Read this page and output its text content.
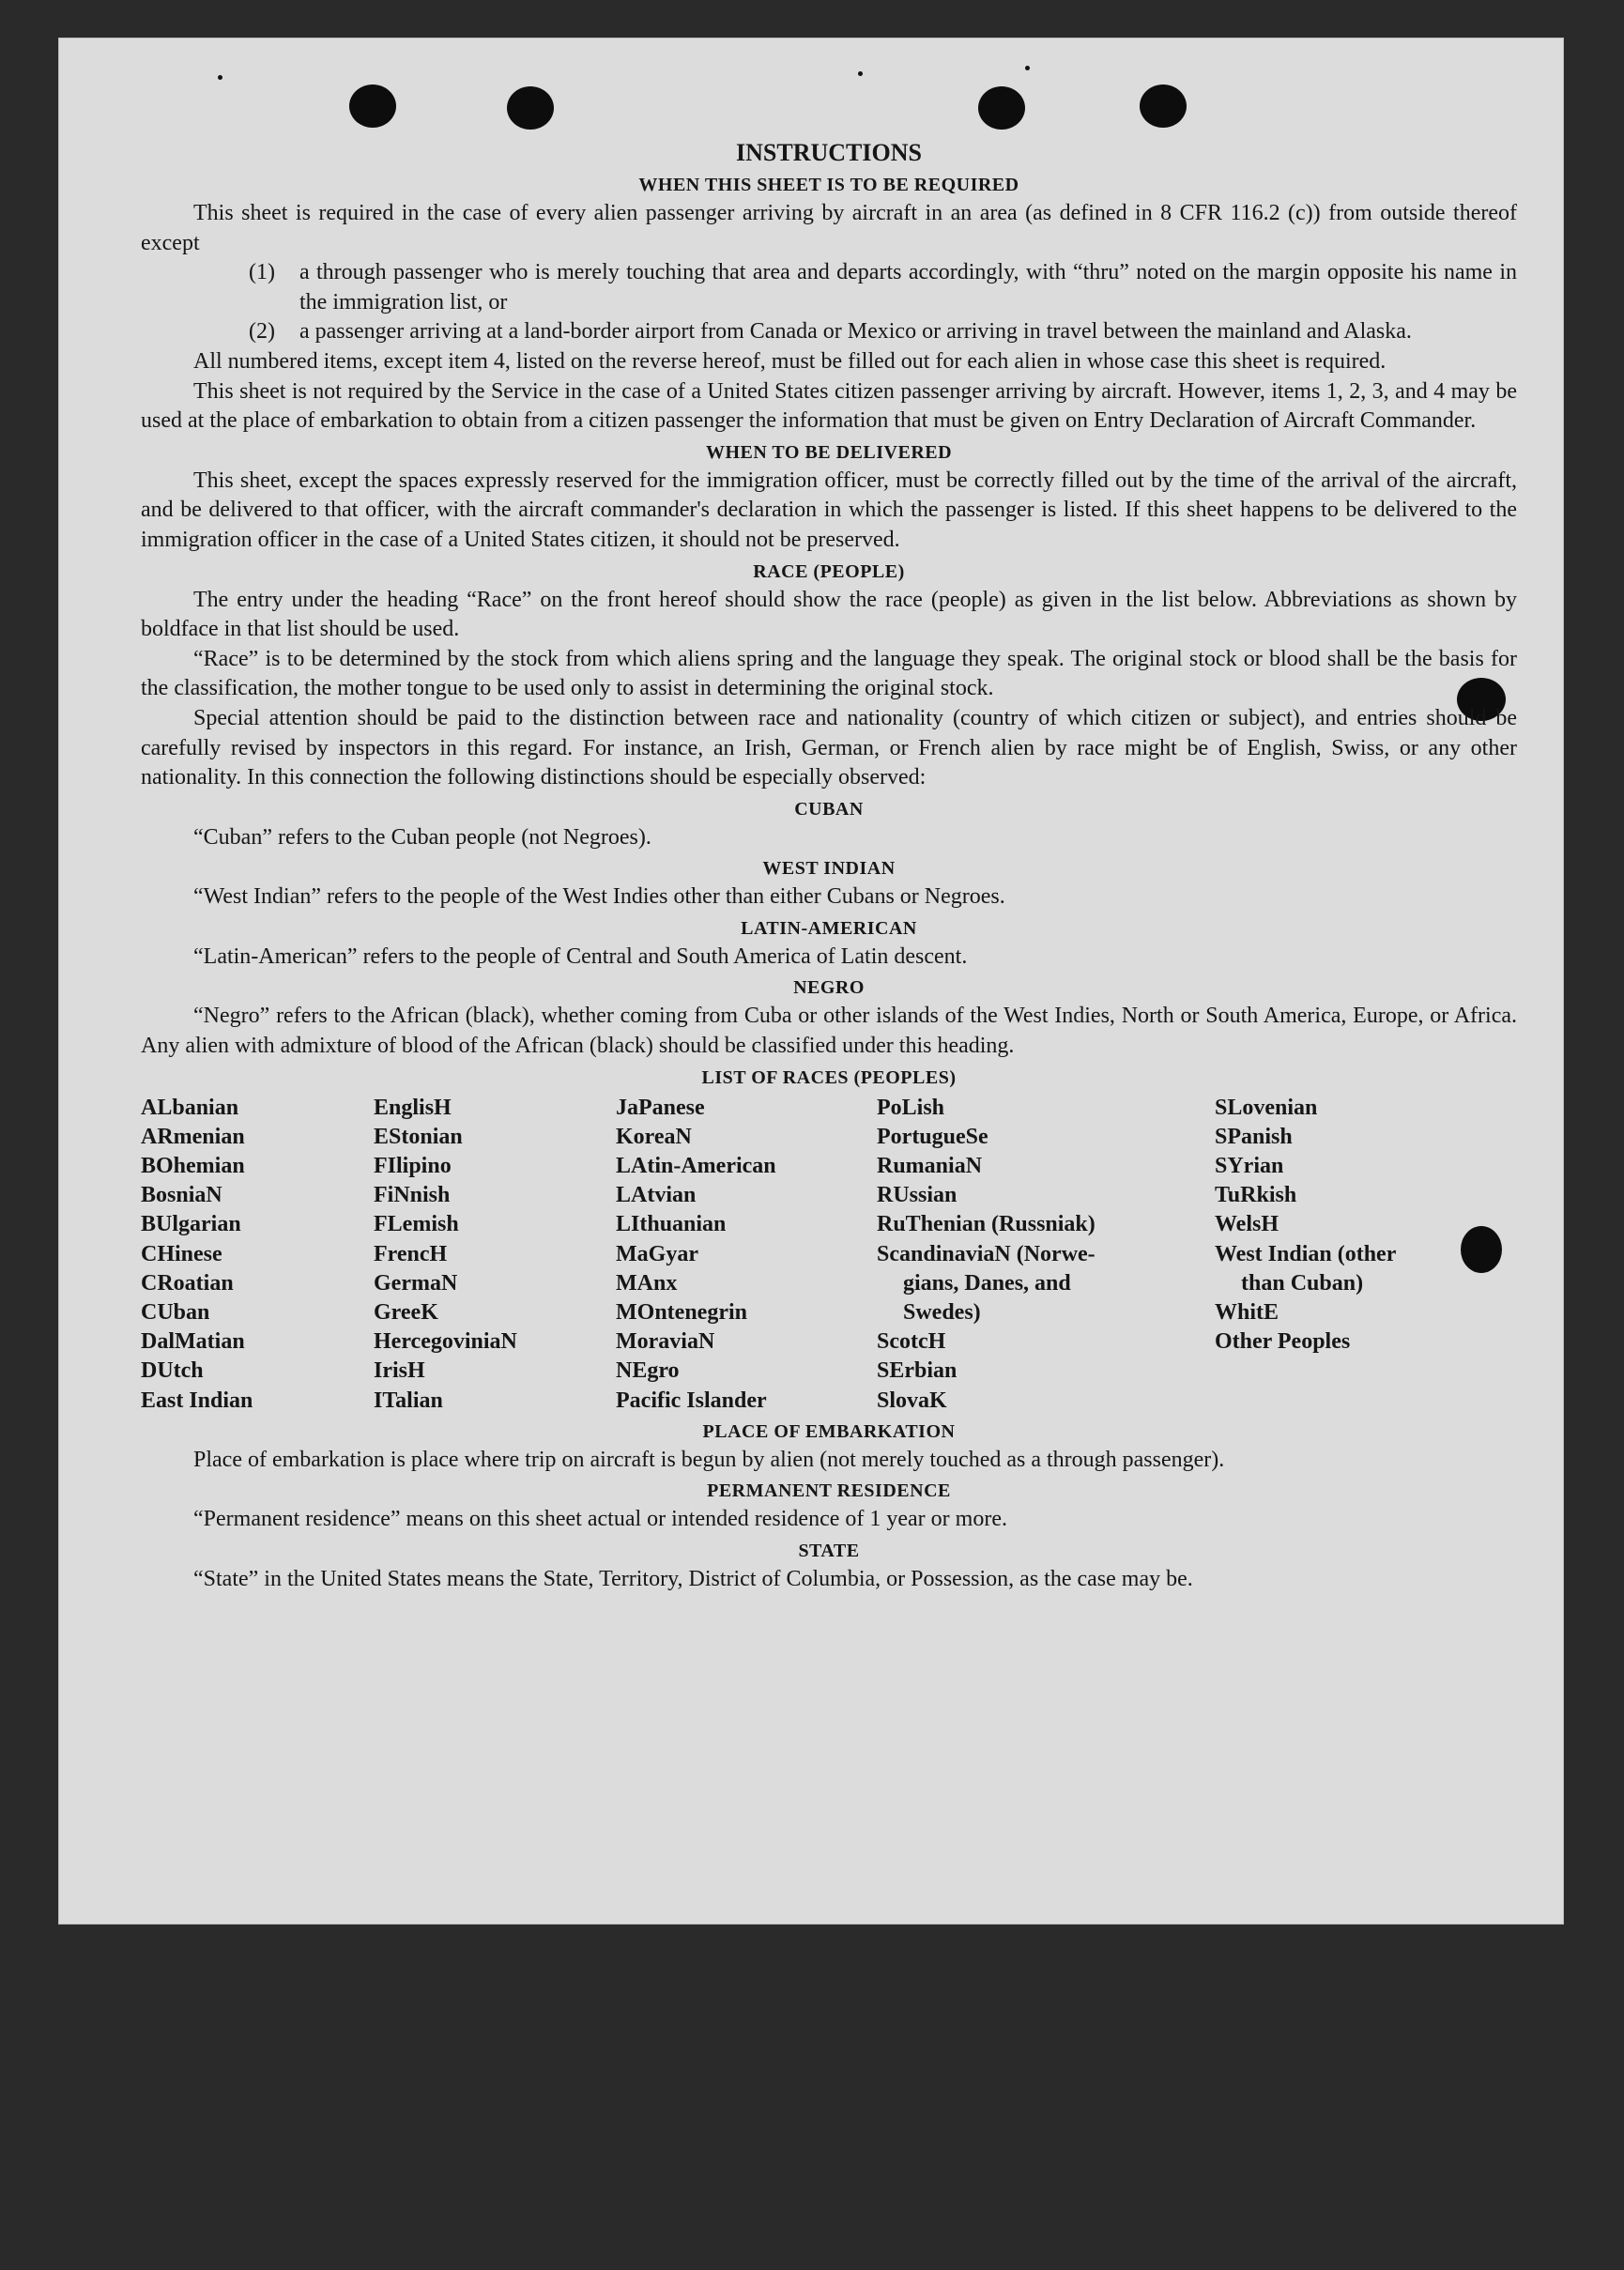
INSTRUCTIONS
WHEN THIS SHEET IS TO BE REQUIRED

This sheet is required in the case of every alien passenger arriving by aircraft in an area (as defined in 8 CFR 116.2 (c)) from outside thereof except

(1)	a through passenger who is merely touching that area and departs accordingly, with “thru” noted on the margin opposite his name in the immigration list, or
(2)	a passenger arriving at a land-border airport from Canada or Mexico or arriving in travel between the mainland and Alaska.

All numbered items, except item 4, listed on the reverse hereof, must be filled out for each alien in whose case this sheet is required.

This sheet is not required by the Service in the case of a United States citizen passenger arriving by aircraft. However, items 1, 2, 3, and 4 may be used at the place of embarkation to obtain from a citizen passenger the information that must be given on Entry Declaration of Aircraft Commander.

WHEN TO BE DELIVERED

This sheet, except the spaces expressly reserved for the immigration officer, must be correctly filled out by the time of the arrival of the aircraft, and be delivered to that officer, with the aircraft commander's declaration in which the passenger is listed. If this sheet happens to be delivered to the immigration officer in the case of a United States citizen, it should not be preserved.

RACE (PEOPLE)

The entry under the heading “Race” on the front hereof should show the race (people) as given in the list below. Abbreviations as shown by boldface in that list should be used.

“Race” is to be determined by the stock from which aliens spring and the language they speak. The original stock or blood shall be the basis for the classification, the mother tongue to be used only to assist in determining the original stock.

Special attention should be paid to the distinction between race and nationality (country of which citizen or subject), and entries should be carefully revised by inspectors in this regard. For instance, an Irish, German, or French alien by race might be of English, Swiss, or any other nationality. In this connection the following distinctions should be especially observed:

CUBAN

“Cuban” refers to the Cuban people (not Negroes).

WEST INDIAN

“West Indian” refers to the people of the West Indies other than either Cubans or Negroes.

LATIN-AMERICAN

“Latin-American” refers to the people of Central and South America of Latin descent.

NEGRO

“Negro” refers to the African (black), whether coming from Cuba or other islands of the West Indies, North or South America, Europe, or Africa. Any alien with admixture of blood of the African (black) should be classified under this heading.

LIST OF RACES (PEOPLES)
ALbanian
ARmenian
BOhemian
BosniaN
BUlgarian
CHinese
CRoatian
CUban
DalMatian
DUtch
East Indian
EnglisH
EStonian
FIlipino
FiNnish
FLemish
FrencH
GermaN
GreeK
HercegoviniaN
IrisH
ITalian
JaPanese
KoreaN
LAtin-American
LAtvian
LIthuanian
MaGyar
MAnx
MOntenegrin
MoraviaN
NEgro
Pacific Islander
PoLish
PortugueSe
RumaniaN
RUssian
RuThenian (Russniak)
ScandinaviaN (Norwe-
gians, Danes, and
Swedes)
ScotcH
SErbian
SlovaK
SLovenian
SPanish
SYrian
TuRkish
WelsH
West Indian (other
than Cuban)
WhitE
Other Peoples
PLACE OF EMBARKATION

Place of embarkation is place where trip on aircraft is begun by alien (not merely touched as a through passenger).

PERMANENT RESIDENCE

“Permanent residence” means on this sheet actual or intended residence of 1 year or more.

STATE

“State” in the United States means the State, Territory, District of Columbia, or Possession, as the case may be.
